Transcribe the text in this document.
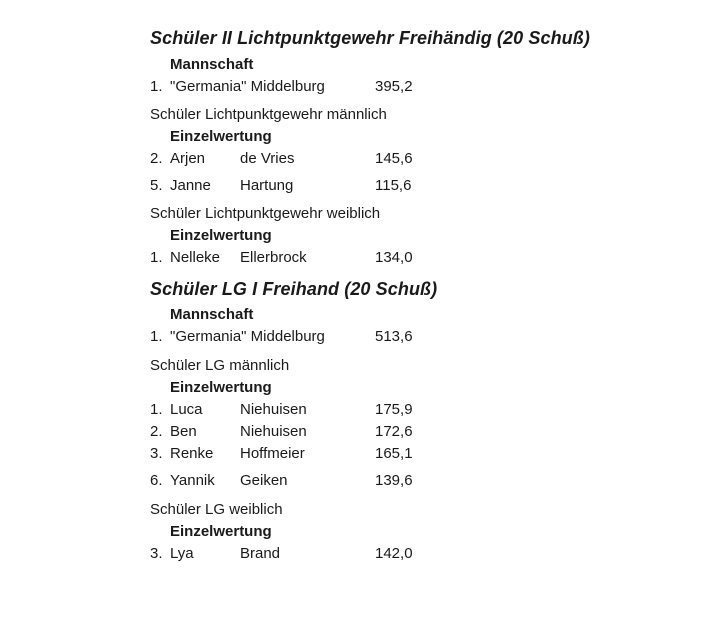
Schüler II Lichtpunktgewehr Freihändig (20 Schuß)
Mannschaft
1. "Germania" Middelburg	395,2
Schüler Lichtpunktgewehr männlich
Einzelwertung
2. Arjen	de Vries	145,6
5. Janne	Hartung	115,6
Schüler Lichtpunktgewehr weiblich
Einzelwertung
1. Nelleke	Ellerbrock	134,0
Schüler LG I Freihand (20 Schuß)
Mannschaft
1. "Germania" Middelburg	513,6
Schüler LG männlich
Einzelwertung
1. Luca	Niehuisen	175,9
2. Ben	Niehuisen	172,6
3. Renke	Hoffmeier	165,1
6. Yannik	Geiken	139,6
Schüler LG weiblich
Einzelwertung
3. Lya	Brand	142,0
